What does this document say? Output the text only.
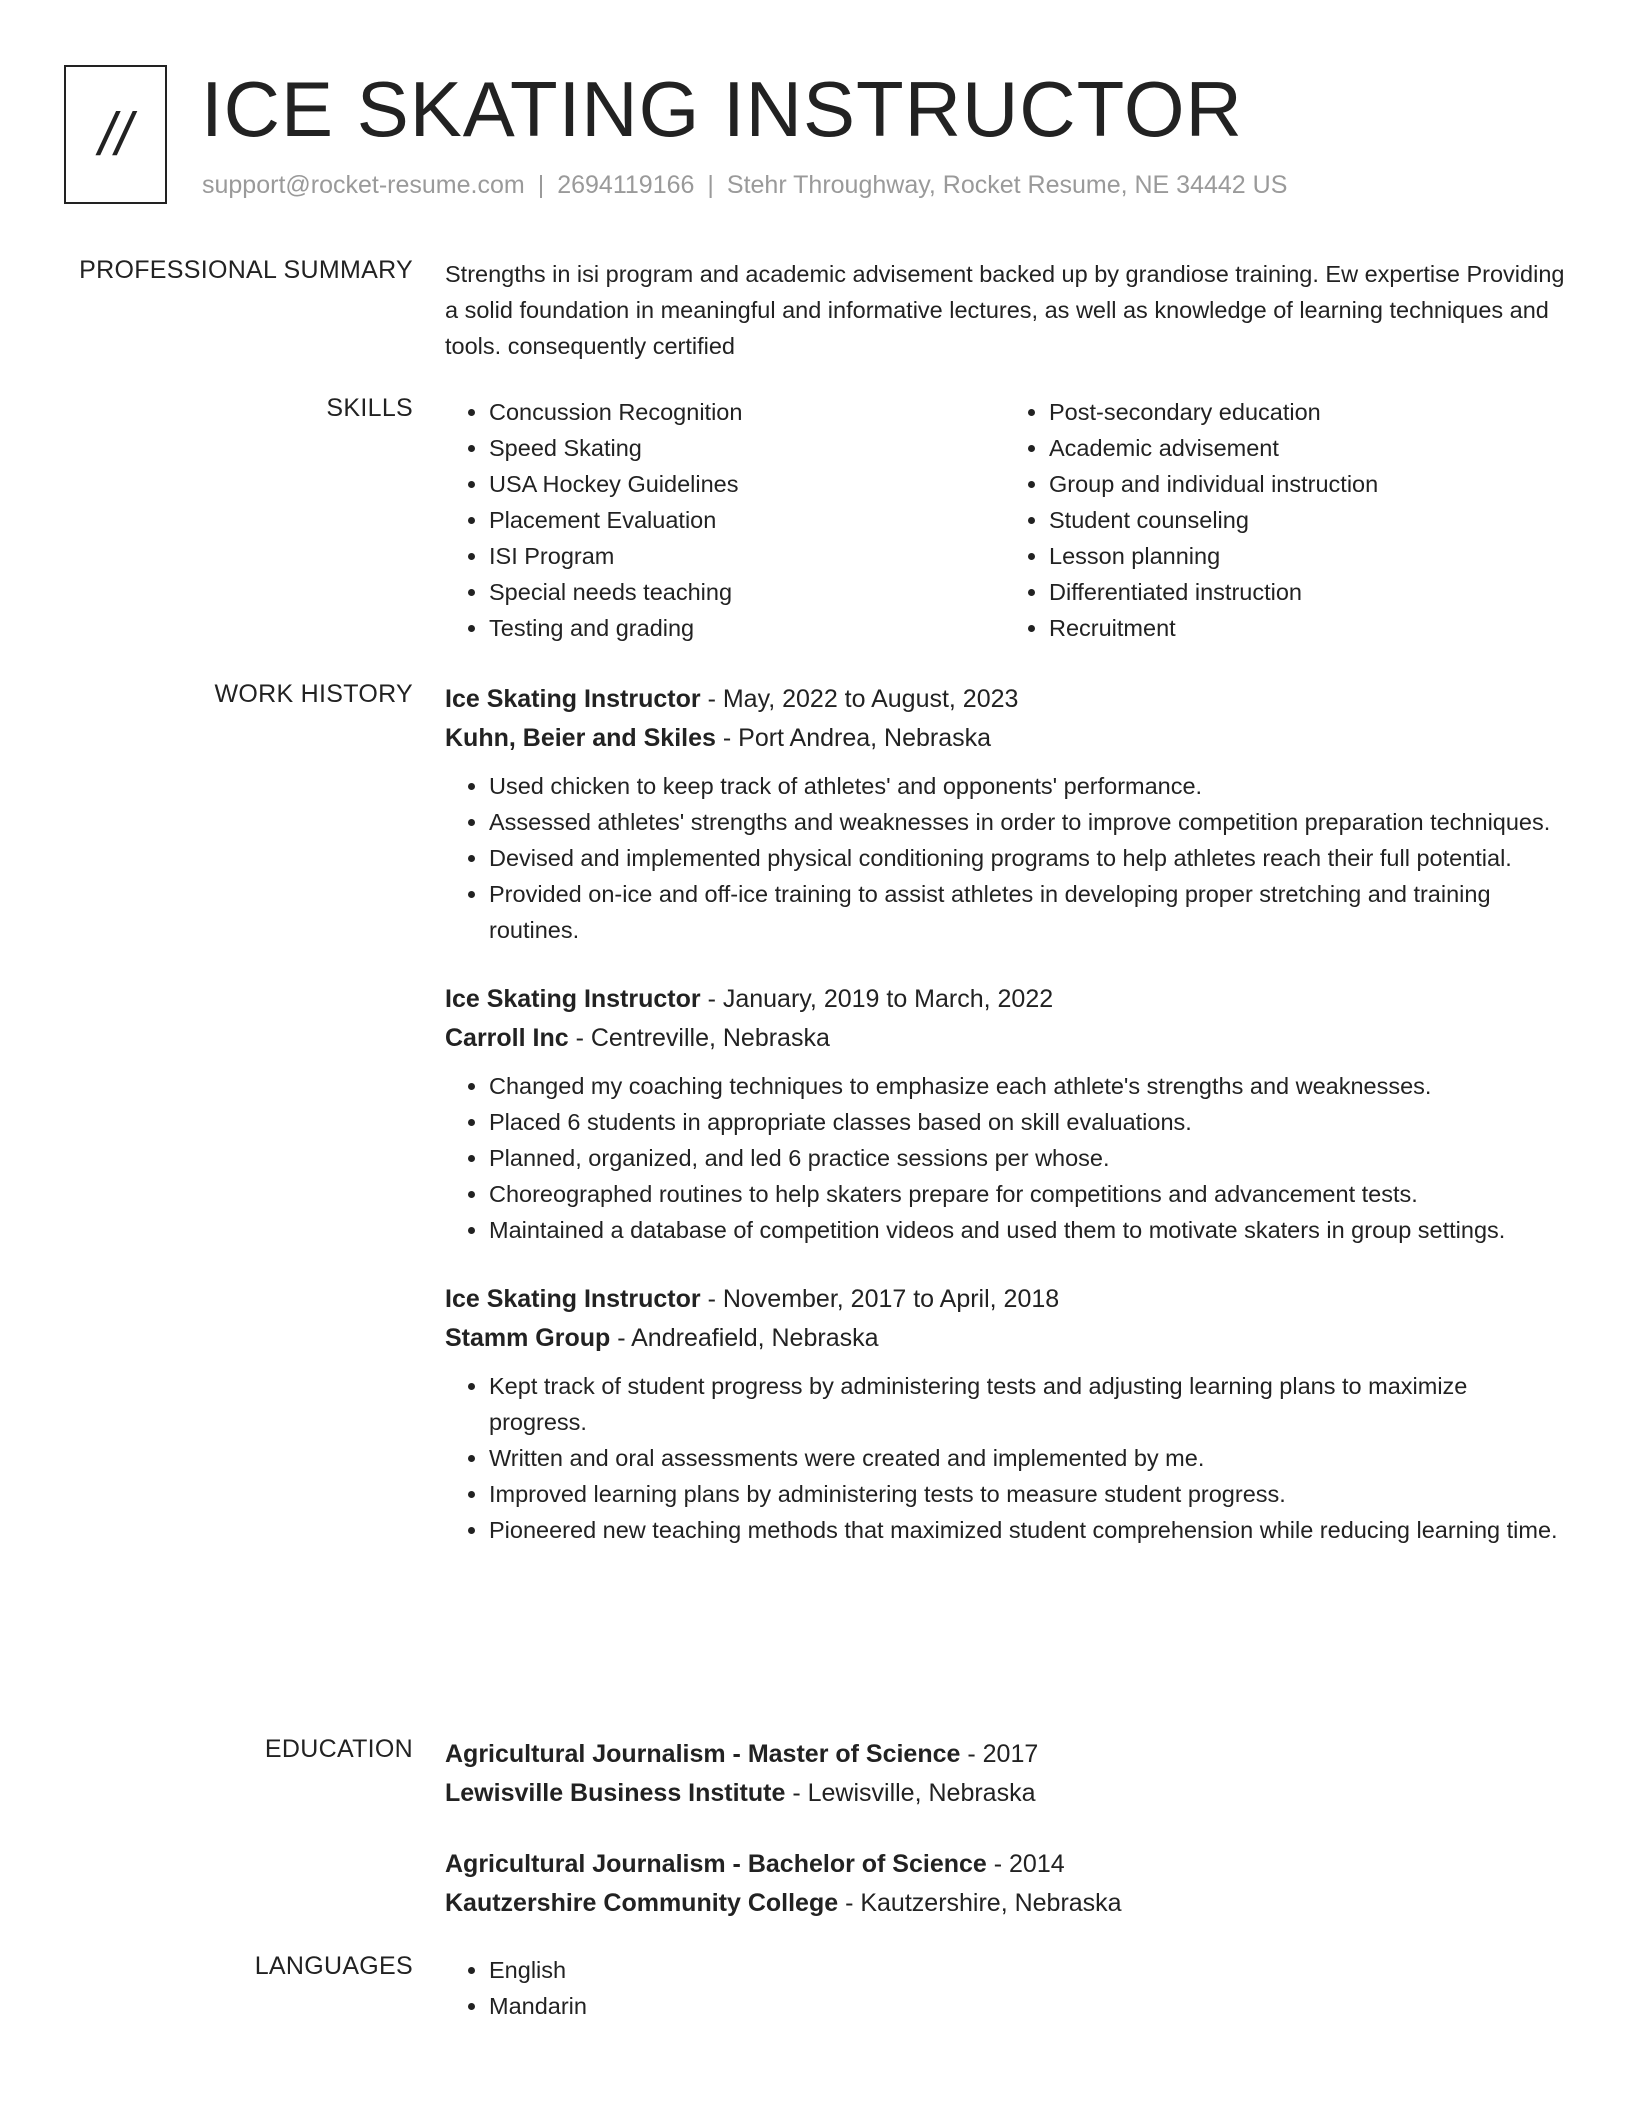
// ICE SKATING INSTRUCTOR
support@rocket-resume.com | 2694119166 | Stehr Throughway, Rocket Resume, NE 34442 US
PROFESSIONAL SUMMARY Strengths in isi program and academic advisement backed up by grandiose training. Ew expertise Providing a solid foundation in meaningful and informative lectures, as well as knowledge of learning techniques and tools. consequently certified

SKILLS	• Concussion Recognition
• Speed Skating
• USA Hockey Guidelines
• Placement Evaluation
• ISI Program
• Special needs teaching
• Testing and grading
• Post-secondary education
• Academic advisement
• Group and individual instruction
• Student counseling
• Lesson planning
• Differentiated instruction
• Recruitment
WORK HISTORY Ice Skating Instructor - May, 2022 to August, 2023
Kuhn, Beier and Skiles - Port Andrea, Nebraska
• Used chicken to keep track of athletes' and opponents' performance.
• Assessed athletes' strengths and weaknesses in order to improve competition preparation techniques.
• Devised and implemented physical conditioning programs to help athletes reach their full potential.
• Provided on-ice and off-ice training to assist athletes in developing proper stretching and training routines.
Ice Skating Instructor - January, 2019 to March, 2022
Carroll Inc - Centreville, Nebraska
• Changed my coaching techniques to emphasize each athlete's strengths and weaknesses.
• Placed 6 students in appropriate classes based on skill evaluations.
• Planned, organized, and led 6 practice sessions per whose.
• Choreographed routines to help skaters prepare for competitions and advancement tests.
• Maintained a database of competition videos and used them to motivate skaters in group settings.
Ice Skating Instructor - November, 2017 to April, 2018
Stamm Group - Andreafield, Nebraska
• Kept track of student progress by administering tests and adjusting learning plans to maximize progress.
• Written and oral assessments were created and implemented by me.
• Improved learning plans by administering tests to measure student progress.
• Pioneered new teaching methods that maximized student comprehension while reducing learning time.
EDUCATION Agricultural Journalism - Master of Science - 2017
Lewisville Business Institute - Lewisville, Nebraska
Agricultural Journalism - Bachelor of Science - 2014
Kautzershire Community College - Kautzershire, Nebraska
LANGUAGES	• English
• Mandarin
